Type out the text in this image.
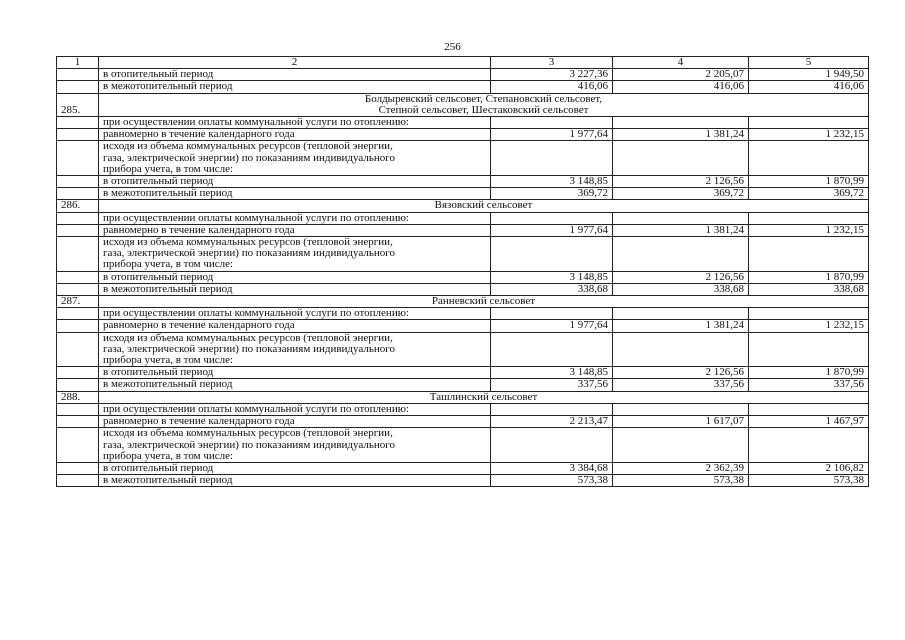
256
1	2	3	4	5
	в отопительный период	3 227,36	2 205,07	1 949,50
	в межотопительный период	416,06	416,06	416,06
285.	Болдыревский сельсовет, Степановский сельсовет,
Степной сельсовет, Шестаковский сельсовет			

	при осуществлении оплаты коммунальной услуги по отоплению:			
	равномерно в течение календарного года	1 977,64	1 381,24	1 232,15

	исходя из объема коммунальных ресурсов (тепловой энергии,
газа, электрической энергии) по показаниям индивидуального
прибора учета, в том числе:			

	в отопительный период	3 148,85	2 126,56	1 870,99
	в межотопительный период	369,72	369,72	369,72
286.	Вязовский сельсовет			

	при осуществлении оплаты коммунальной услуги по отоплению:			
	равномерно в течение календарного года	1 977,64	1 381,24	1 232,15

	исходя из объема коммунальных ресурсов (тепловой энергии,
газа, электрической энергии) по показаниям индивидуального
прибора учета, в том числе:			

	в отопительный период	3 148,85	2 126,56	1 870,99
	в межотопительный период	338,68	338,68	338,68
287.	Ранневский сельсовет			

	при осуществлении оплаты коммунальной услуги по отоплению:			
	равномерно в течение календарного года	1 977,64	1 381,24	1 232,15

	исходя из объема коммунальных ресурсов (тепловой энергии,
газа, электрической энергии) по показаниям индивидуального
прибора учета, в том числе:			

	в отопительный период	3 148,85	2 126,56	1 870,99
	в межотопительный период	337,56	337,56	337,56
288.	Ташлинский сельсовет			

	при осуществлении оплаты коммунальной услуги по отоплению:			
	равномерно в течение календарного года	2 213,47	1 617,07	1 467,97

	исходя из объема коммунальных ресурсов (тепловой энергии,
газа, электрической энергии) по показаниям индивидуального
прибора учета, в том числе:			

	в отопительный период	3 384,68	2 362,39	2 106,82
	в межотопительный период	573,38	573,38	573,38
